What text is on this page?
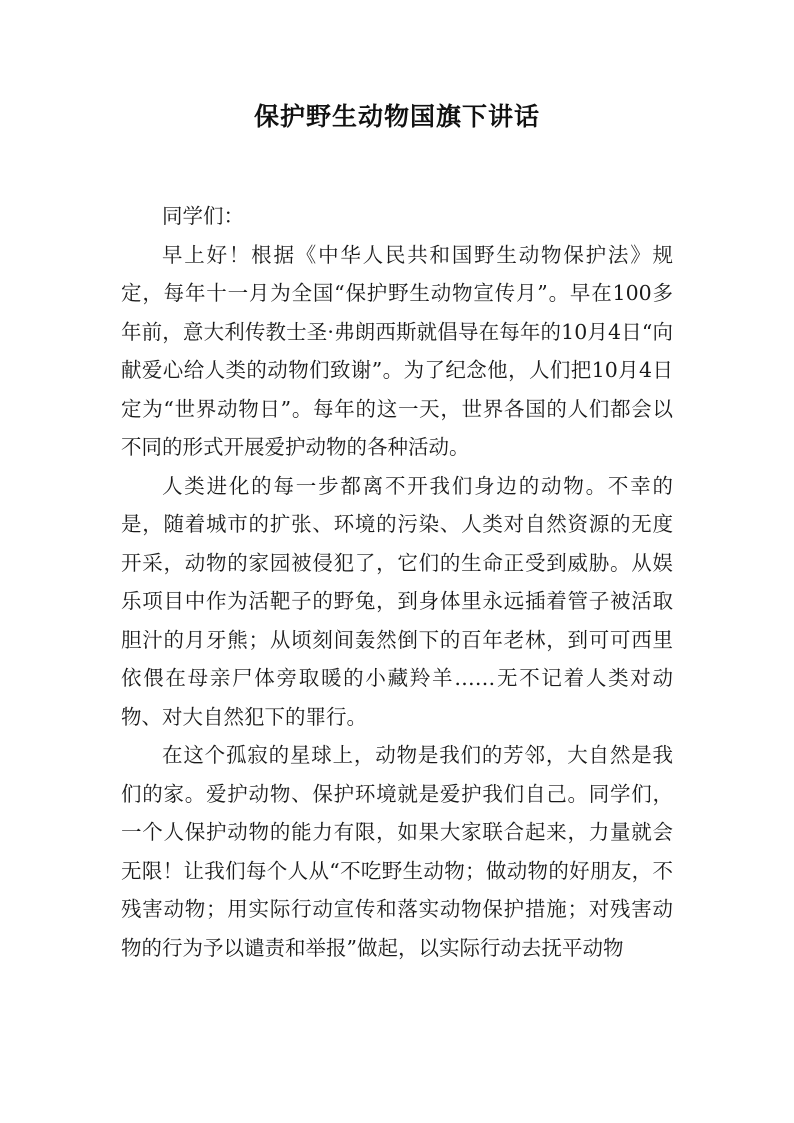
保护野生动物国旗下讲话

同学们：

早上好！根据《中华人民共和国野生动物保护法》规定，每年十一月为全国“保护野生动物宣传月”。早在100多年前，意大利传教士圣·弗朗西斯就倡导在每年的10月4日“向献爱心给人类的动物们致谢”。为了纪念他，人们把10月4日定为“世界动物日”。每年的这一天，世界各国的人们都会以不同的形式开展爱护动物的各种活动。

人类进化的每一步都离不开我们身边的动物。不幸的是，随着城市的扩张、环境的污染、人类对自然资源的无度开采，动物的家园被侵犯了，它们的生命正受到威胁。从娱乐项目中作为活靶子的野兔，到身体里永远插着管子被活取胆汁的月牙熊；从顷刻间轰然倒下的百年老林，到可可西里依偎在母亲尸体旁取暖的小藏羚羊……无不记着人类对动物、对大自然犯下的罪行。

在这个孤寂的星球上，动物是我们的芳邻，大自然是我们的家。爱护动物、保护环境就是爱护我们自己。同学们，一个人保护动物的能力有限，如果大家联合起来，力量就会无限！让我们每个人从“不吃野生动物；做动物的好朋友，不残害动物；用实际行动宣传和落实动物保护措施；对残害动物的行为予以谴责和举报”做起，以实际行动去抚平动物
